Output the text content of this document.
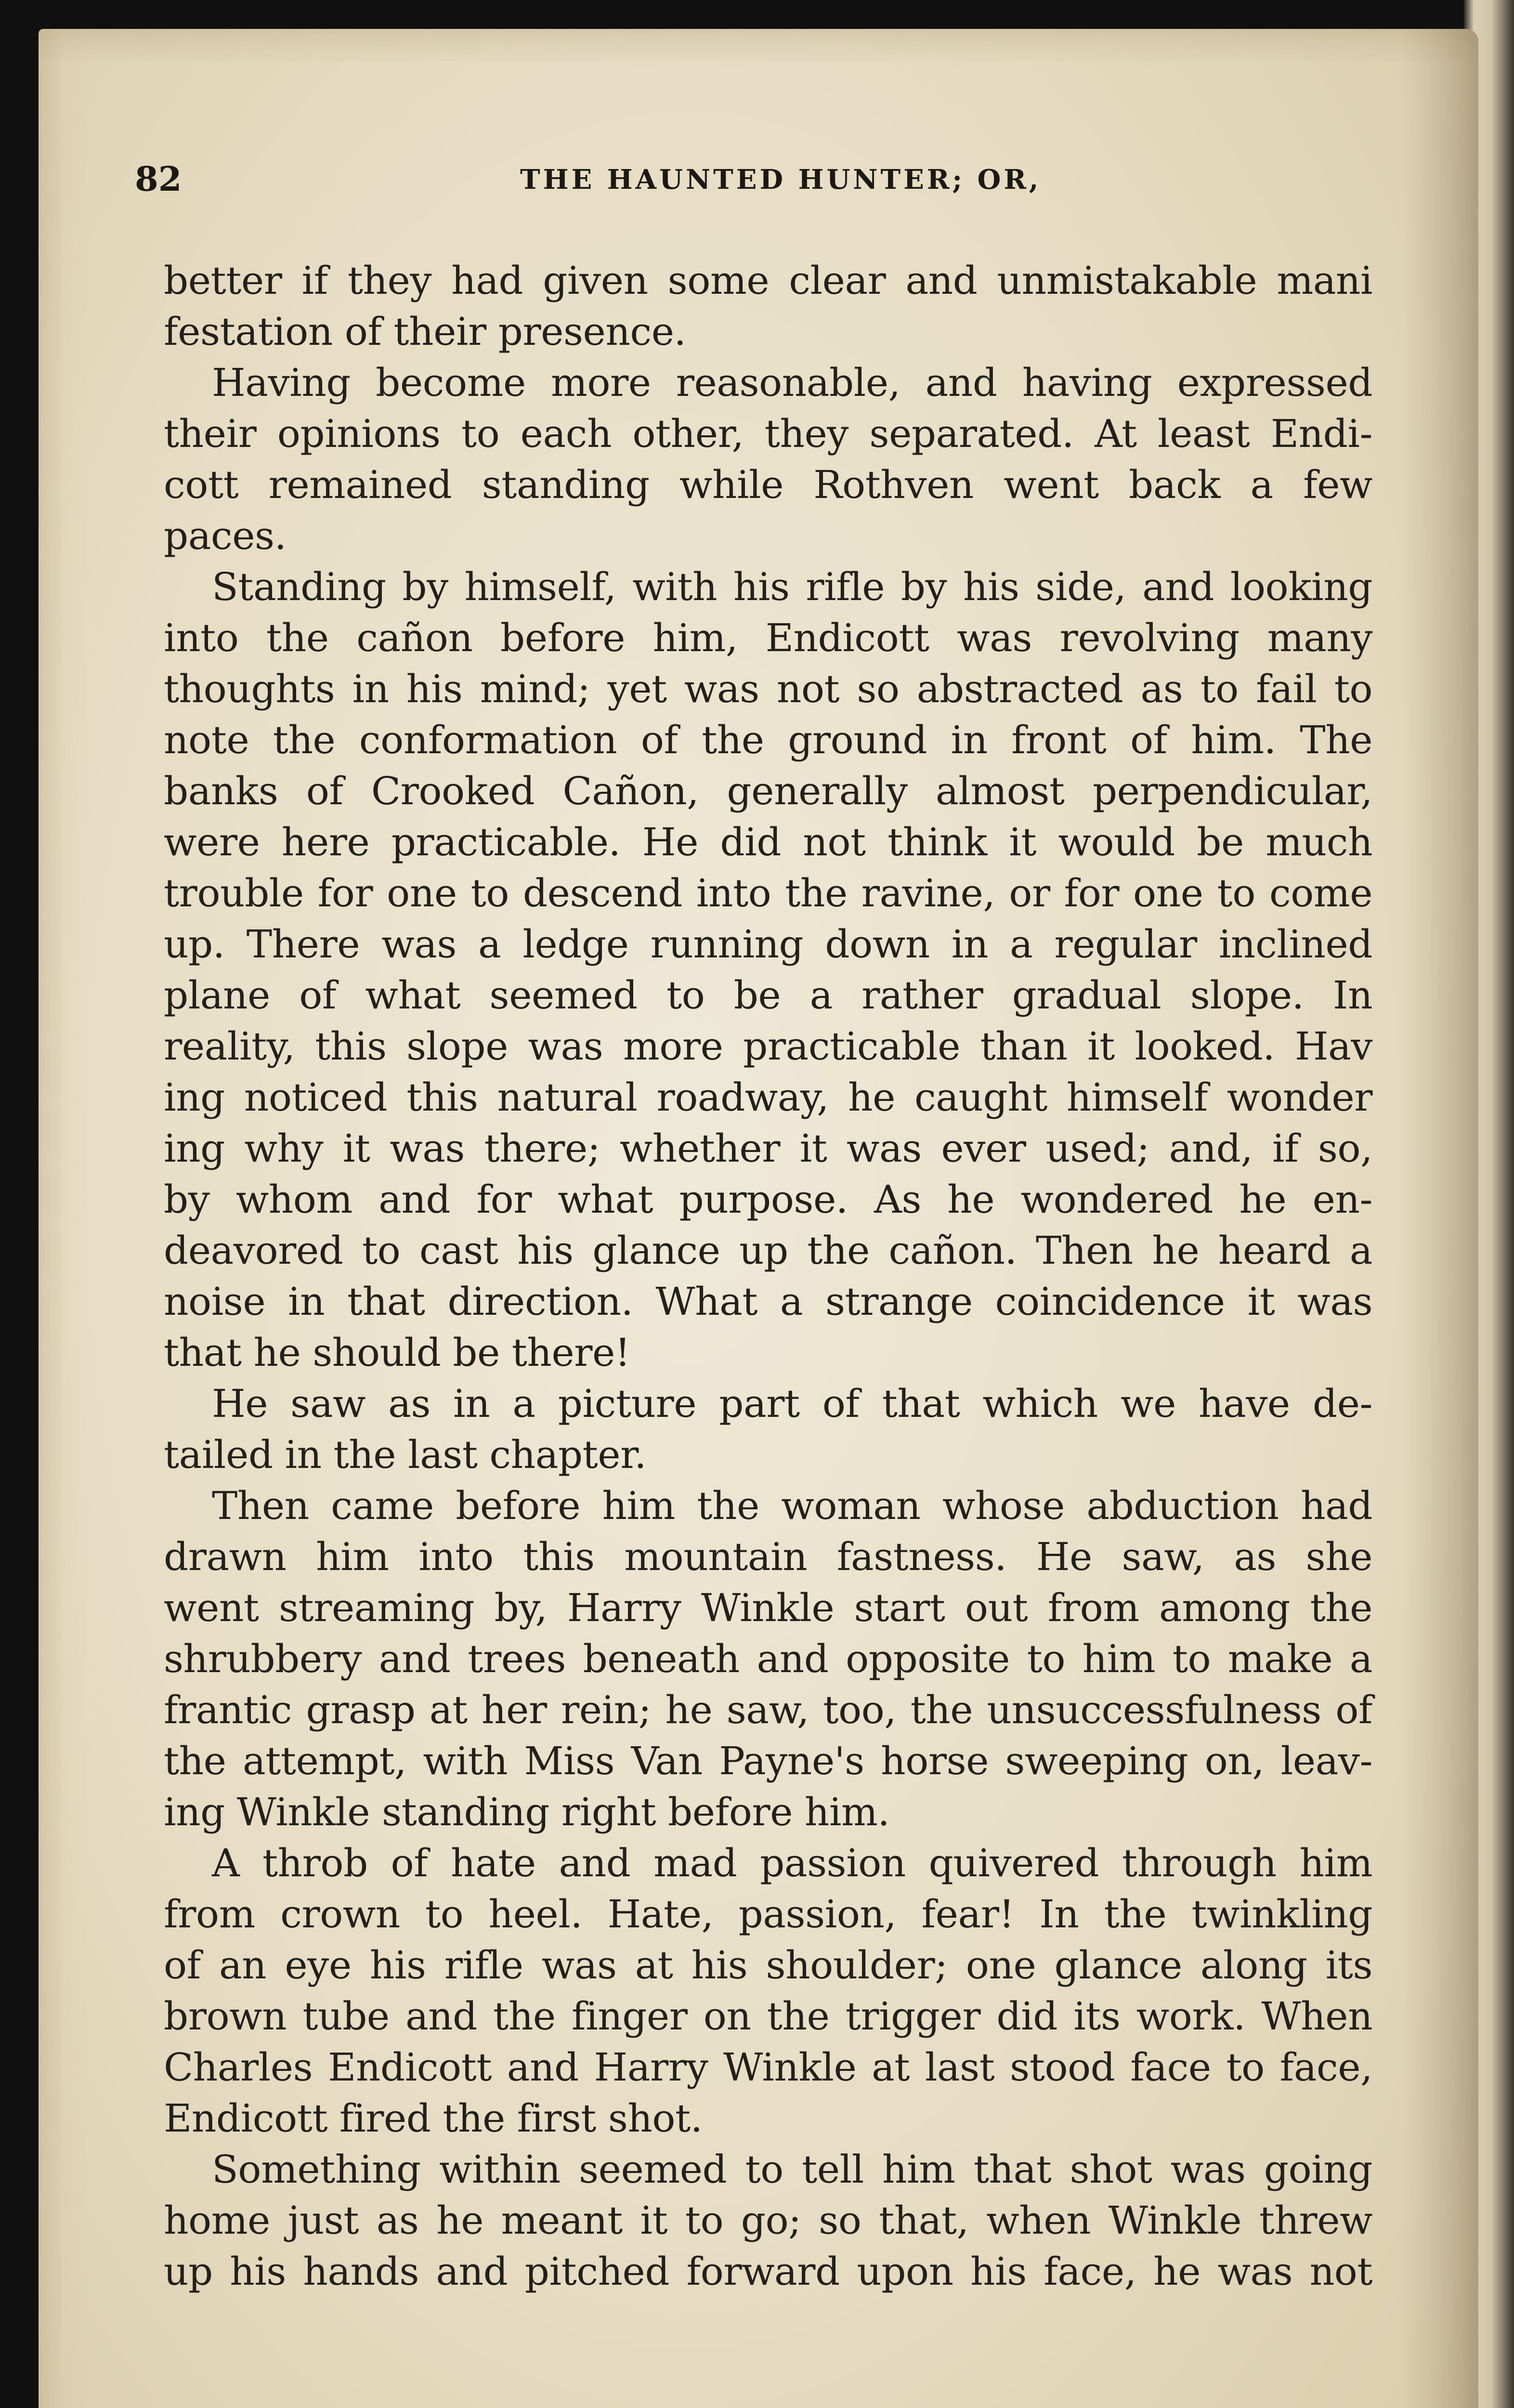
82	THE HAUNTED HUNTER; OR,
better if they had given some clear and unmistakable mani
festation of their presence.
Having become more reasonable, and having expressed
their opinions to each other, they separated. At least Endi-
cott remained standing while Rothven went back a few
paces.
Standing by himself, with his rifle by his side, and looking
into the cañon before him, Endicott was revolving many
thoughts in his mind; yet was not so abstracted as to fail to
note the conformation of the ground in front of him. The
banks of Crooked Cañon, generally almost perpendicular,
were here practicable. He did not think it would be much
trouble for one to descend into the ravine, or for one to come
up. There was a ledge running down in a regular inclined
plane of what seemed to be a rather gradual slope. In
reality, this slope was more practicable than it looked. Hav
ing noticed this natural roadway, he caught himself wonder
ing why it was there; whether it was ever used; and, if so,
by whom and for what purpose. As he wondered he en-
deavored to cast his glance up the cañon. Then he heard a
noise in that direction. What a strange coincidence it was
that he should be there!
He saw as in a picture part of that which we have de-
tailed in the last chapter.
Then came before him the woman whose abduction had
drawn him into this mountain fastness. He saw, as she
went streaming by, Harry Winkle start out from among the
shrubbery and trees beneath and opposite to him to make a
frantic grasp at her rein; he saw, too, the unsuccessfulness of
the attempt, with Miss Van Payne's horse sweeping on, leav-
ing Winkle standing right before him.
A throb of hate and mad passion quivered through him
from crown to heel. Hate, passion, fear! In the twinkling
of an eye his rifle was at his shoulder; one glance along its
brown tube and the finger on the trigger did its work. When
Charles Endicott and Harry Winkle at last stood face to face,
Endicott fired the first shot.
Something within seemed to tell him that shot was going
home just as he meant it to go; so that, when Winkle threw
up his hands and pitched forward upon his face, he was not
